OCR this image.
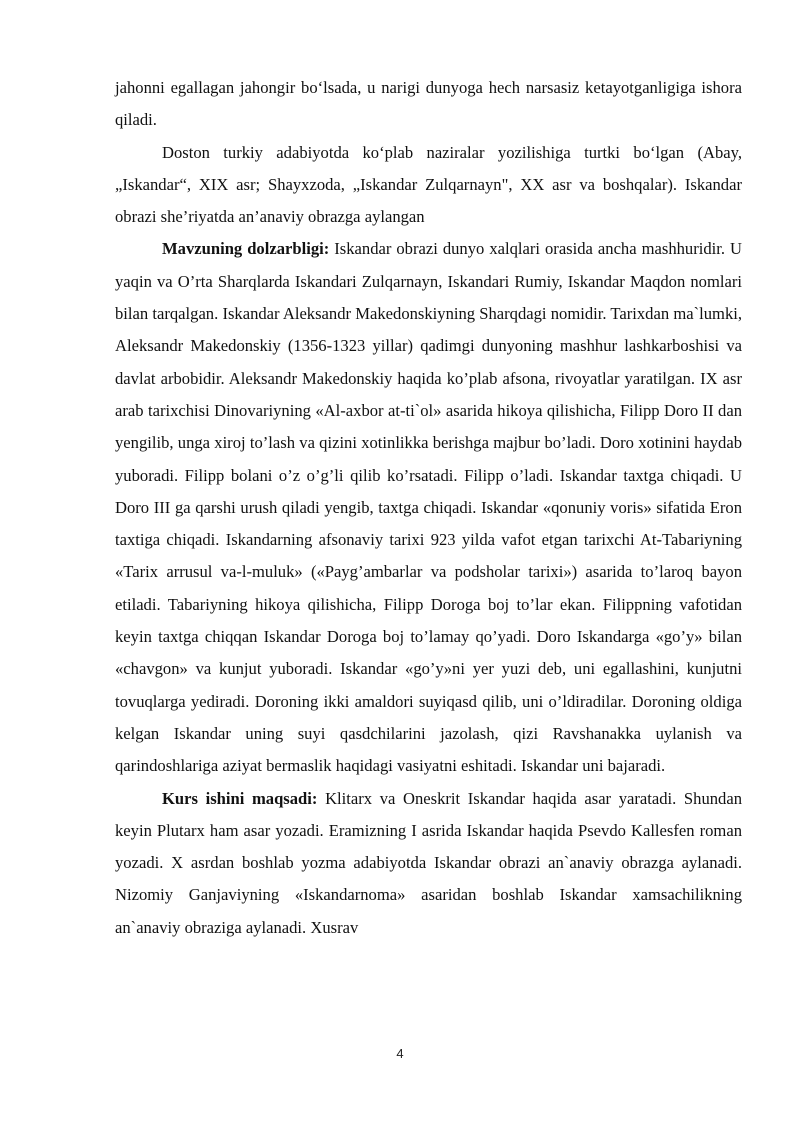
jahonni egallagan jahongir bo‘lsada, u narigi dunyoga hech narsasiz ketayotganligiga ishora qiladi.

Doston turkiy adabiyotda ko‘plab naziralar yozilishiga turtki bo‘lgan (Abay, „Iskandar“, XIX asr; Shayxzoda, „Iskandar Zulqarnayn", XX asr va boshqalar). Iskandar obrazi she’riyatda an’anaviy obrazga aylangan

Mavzuning dolzarbligi: Iskandar obrazi dunyo xalqlari orasida ancha mashhuridir. U yaqin va O’rta Sharqlarda Iskandari Zulqarnayn, Iskandari Rumiy, Iskandar Maqdon nomlari bilan tarqalgan. Iskandar Aleksandr Makedonskiyning Sharqdagi nomidir. Tarixdan ma`lumki, Aleksandr Makedonskiy (1356-1323 yillar) qadimgi dunyoning mashhur lashkarboshisi va davlat arbobidir. Aleksandr Makedonskiy haqida ko’plab afsona, rivoyatlar yaratilgan. IX asr arab tarixchisi Dinovariyning «Al-axbor at-ti`ol» asarida hikoya qilishicha, Filipp Doro II dan yengilib, unga xiroj to’lash va qizini xotinlikka berishga majbur bo’ladi. Doro xotinini haydab yuboradi. Filipp bolani o’z o’g’li qilib ko’rsatadi. Filipp o’ladi. Iskandar taxtga chiqadi. U Doro III ga qarshi urush qiladi yengib, taxtga chiqadi. Iskandar «qonuniy voris» sifatida Eron taxtiga chiqadi. Iskandarning afsonaviy tarixi 923 yilda vafot etgan tarixchi At-Tabariyning «Tarix arrusul va-l-muluk» («Payg’ambarlar va podsholar tarixi») asarida to’laroq bayon etiladi. Tabariyning hikoya qilishicha, Filipp Doroga boj to’lar ekan. Filippning vafotidan keyin taxtga chiqqan Iskandar Doroga boj to’lamay qo’yadi. Doro Iskandarga «go’y» bilan «chavgon» va kunjut yuboradi. Iskandar «go’y»ni yer yuzi deb, uni egallashini, kunjutni tovuqlarga yediradi. Doroning ikki amaldori suyiqasd qilib, uni o’ldiradilar. Doroning oldiga kelgan Iskandar uning suyi qasdchilarini jazolash, qizi Ravshanakka uylanish va qarindoshlariga aziyat bermaslik haqidagi vasiyatni eshitadi. Iskandar uni bajaradi.

Kurs ishini maqsadi: Klitarx va Oneskrit Iskandar haqida asar yaratadi. Shundan keyin Plutarx ham asar yozadi. Eramizning I asrida Iskandar haqida Psevdo Kallesfen roman yozadi. X asrdan boshlab yozma adabiyotda Iskandar obrazi an`anaviy obrazga aylanadi. Nizomiy Ganjaviyning «Iskandarnoma» asaridan boshlab Iskandar xamsachilikning an`anaviy obraziga aylanadi. Xusrav

4
